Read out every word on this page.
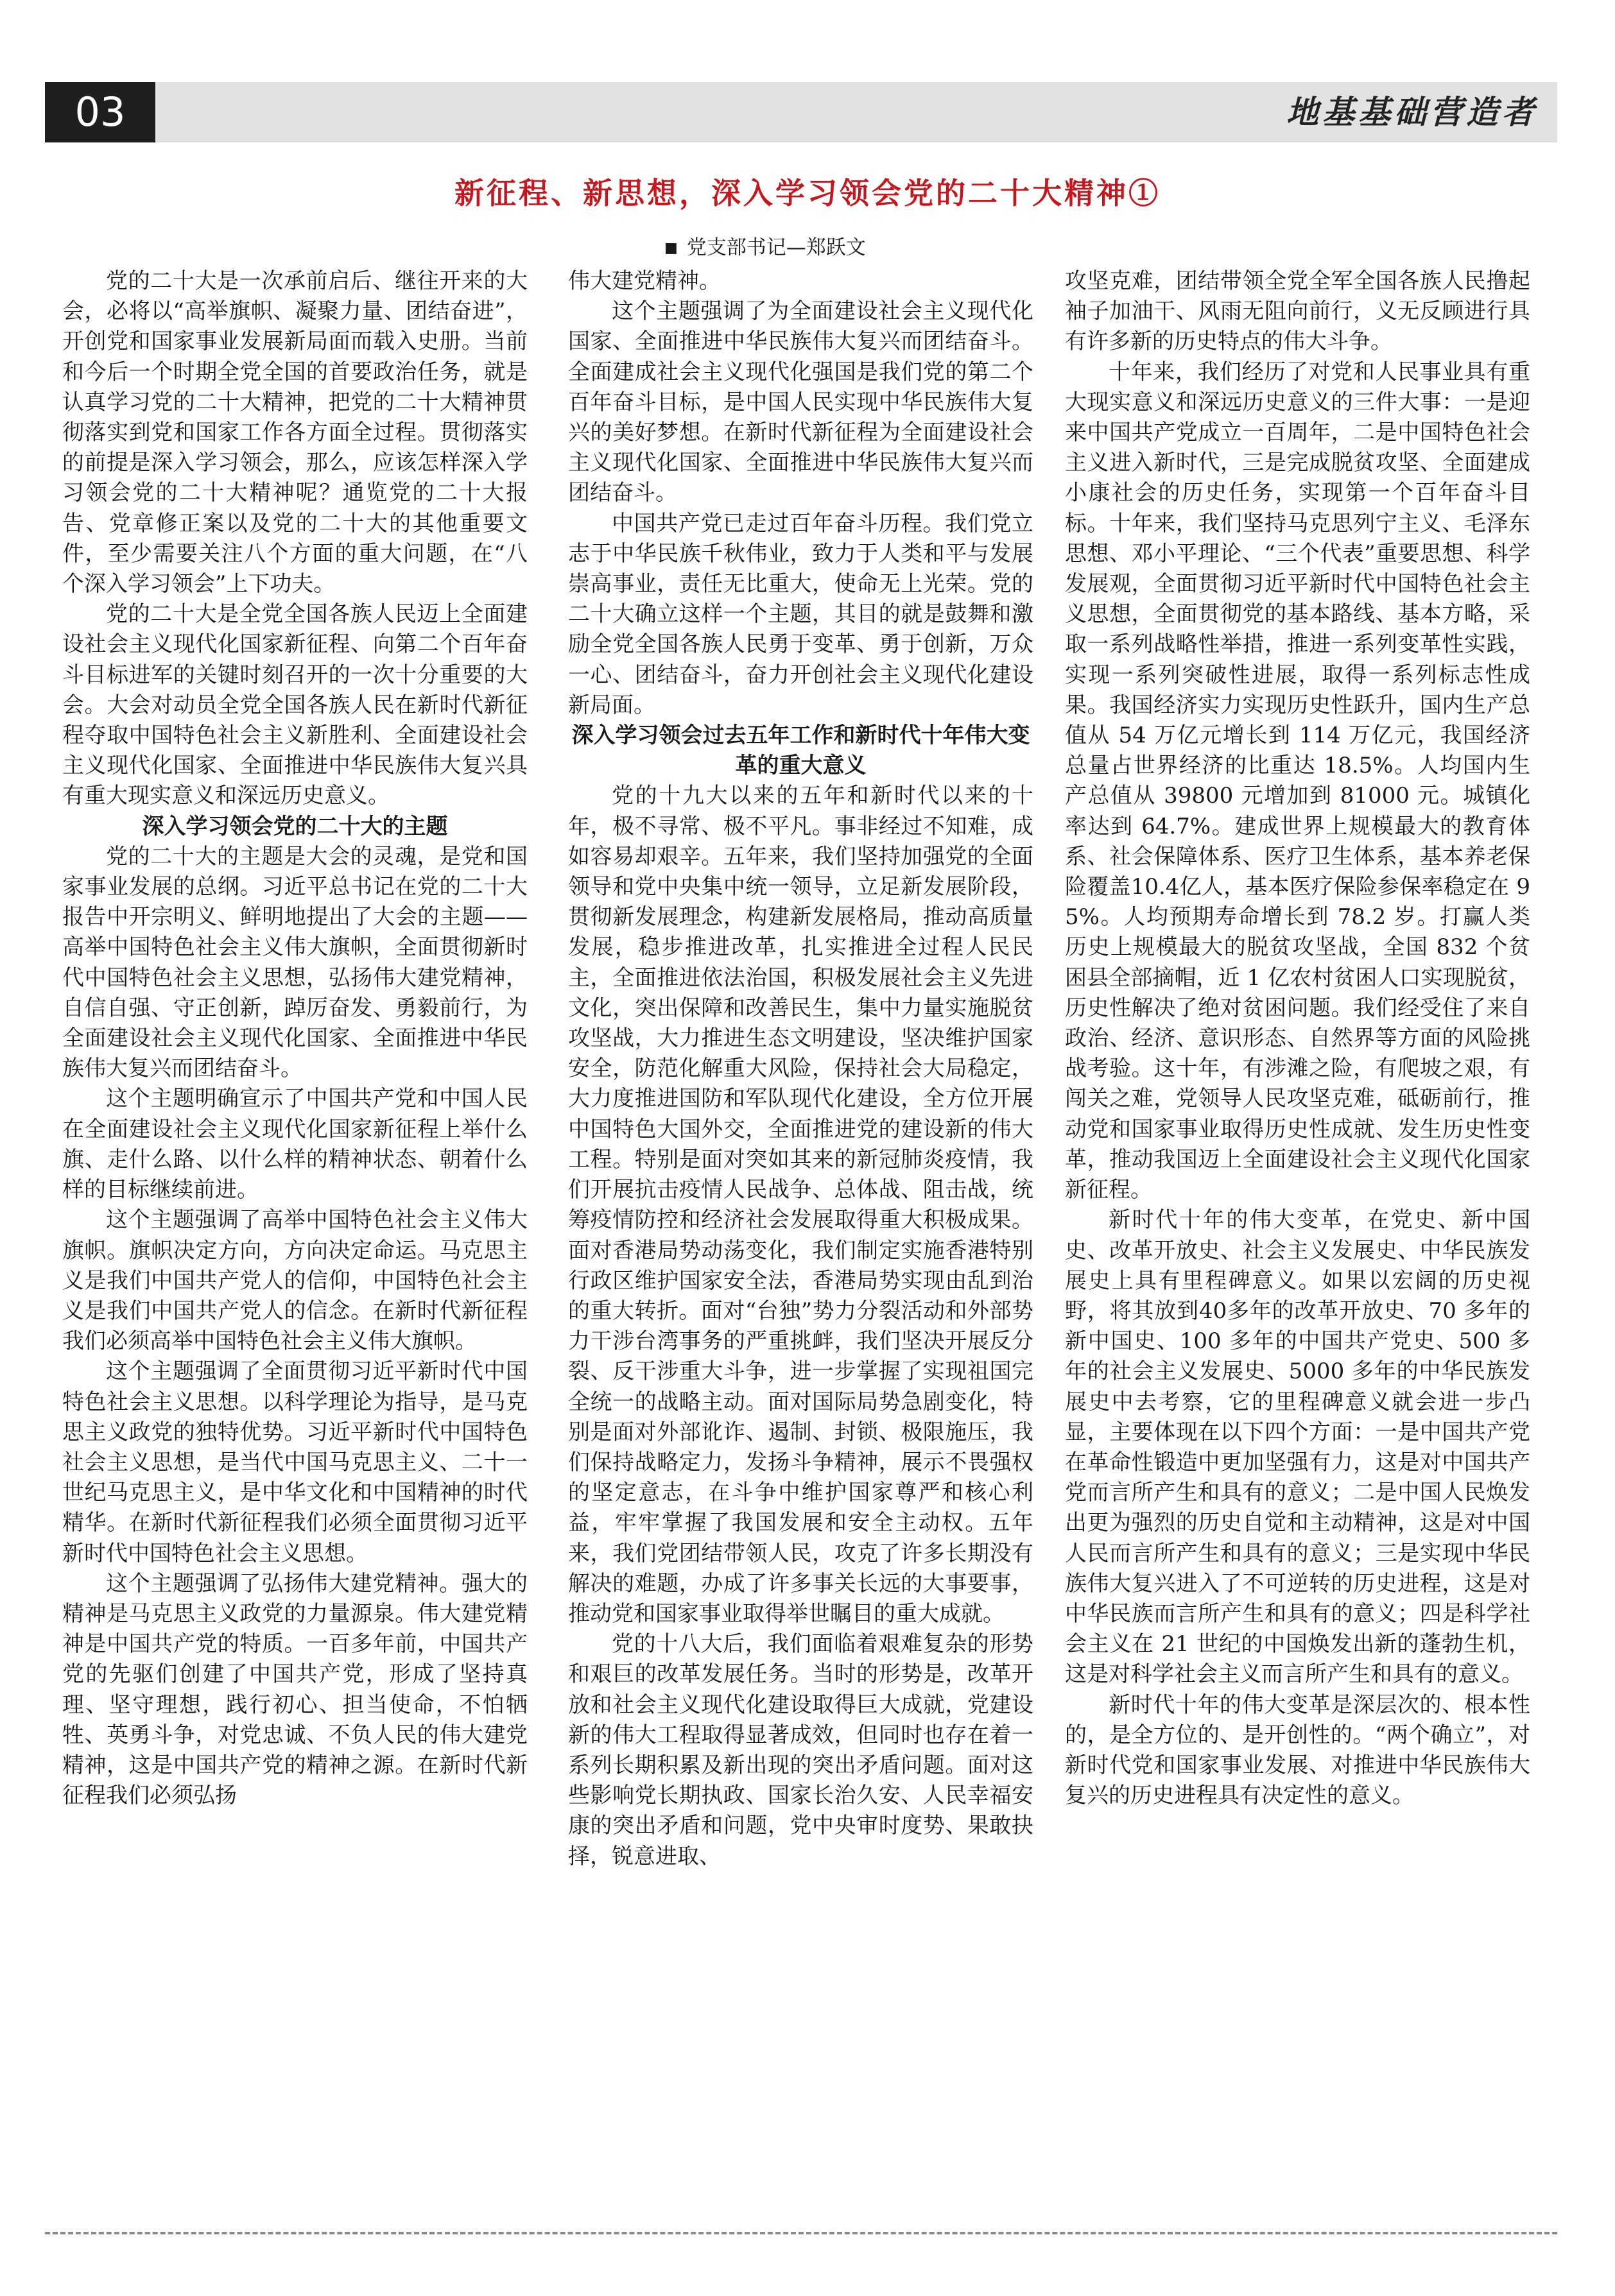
03	地基基础营造者
新征程、新思想，深入学习领会党的二十大精神①
■ 党支部书记—郑跃文

党的二十大是一次承前启后、继往开来的大会，必将以“高举旗帜、凝聚力量、团结奋进”，开创党和国家事业发展新局面而载入史册。当前和今后一个时期全党全国的首要政治任务，就是认真学习党的二十大精神，把党的二十大精神贯彻落实到党和国家工作各方面全过程。贯彻落实的前提是深入学习领会，那么，应该怎样深入学习领会党的二十大精神呢？通览党的二十大报告、党章修正案以及党的二十大的其他重要文件，至少需要关注八个方面的重大问题，在“八个深入学习领会”上下功夫。

党的二十大是全党全国各族人民迈上全面建设社会主义现代化国家新征程、向第二个百年奋斗目标进军的关键时刻召开的一次十分重要的大会。大会对动员全党全国各族人民在新时代新征程夺取中国特色社会主义新胜利、全面建设社会主义现代化国家、全面推进中华民族伟大复兴具有重大现实意义和深远历史意义。

深入学习领会党的二十大的主题

党的二十大的主题是大会的灵魂，是党和国家事业发展的总纲。习近平总书记在党的二十大报告中开宗明义、鲜明地提出了大会的主题——高举中国特色社会主义伟大旗帜，全面贯彻新时代中国特色社会主义思想，弘扬伟大建党精神，自信自强、守正创新，踔厉奋发、勇毅前行，为全面建设社会主义现代化国家、全面推进中华民族伟大复兴而团结奋斗。

这个主题明确宣示了中国共产党和中国人民在全面建设社会主义现代化国家新征程上举什么旗、走什么路、以什么样的精神状态、朝着什么样的目标继续前进。

这个主题强调了高举中国特色社会主义伟大旗帜。旗帜决定方向，方向决定命运。马克思主义是我们中国共产党人的信仰，中国特色社会主义是我们中国共产党人的信念。在新时代新征程我们必须高举中国特色社会主义伟大旗帜。

这个主题强调了全面贯彻习近平新时代中国特色社会主义思想。以科学理论为指导，是马克思主义政党的独特优势。习近平新时代中国特色社会主义思想，是当代中国马克思主义、二十一世纪马克思主义，是中华文化和中国精神的时代精华。在新时代新征程我们必须全面贯彻习近平新时代中国特色社会主义思想。

这个主题强调了弘扬伟大建党精神。强大的精神是马克思主义政党的力量源泉。伟大建党精神是中国共产党的特质。一百多年前，中国共产党的先驱们创建了中国共产党，形成了坚持真理、坚守理想，践行初心、担当使命，不怕牺牲、英勇斗争，对党忠诚、不负人民的伟大建党精神，这是中国共产党的精神之源。在新时代新征程我们必须弘扬

伟大建党精神。

这个主题强调了为全面建设社会主义现代化国家、全面推进中华民族伟大复兴而团结奋斗。全面建成社会主义现代化强国是我们党的第二个百年奋斗目标，是中国人民实现中华民族伟大复兴的美好梦想。在新时代新征程为全面建设社会主义现代化国家、全面推进中华民族伟大复兴而团结奋斗。

中国共产党已走过百年奋斗历程。我们党立志于中华民族千秋伟业，致力于人类和平与发展崇高事业，责任无比重大，使命无上光荣。党的二十大确立这样一个主题，其目的就是鼓舞和激励全党全国各族人民勇于变革、勇于创新，万众一心、团结奋斗，奋力开创社会主义现代化建设新局面。

深入学习领会过去五年工作和新时代十年伟大变革的重大意义

党的十九大以来的五年和新时代以来的十年，极不寻常、极不平凡。事非经过不知难，成如容易却艰辛。五年来，我们坚持加强党的全面领导和党中央集中统一领导，立足新发展阶段，贯彻新发展理念，构建新发展格局，推动高质量发展，稳步推进改革，扎实推进全过程人民民主，全面推进依法治国，积极发展社会主义先进文化，突出保障和改善民生，集中力量实施脱贫攻坚战，大力推进生态文明建设，坚决维护国家安全，防范化解重大风险，保持社会大局稳定，大力度推进国防和军队现代化建设，全方位开展中国特色大国外交，全面推进党的建设新的伟大工程。特别是面对突如其来的新冠肺炎疫情，我们开展抗击疫情人民战争、总体战、阻击战，统筹疫情防控和经济社会发展取得重大积极成果。面对香港局势动荡变化，我们制定实施香港特别行政区维护国家安全法，香港局势实现由乱到治的重大转折。面对“台独”势力分裂活动和外部势力干涉台湾事务的严重挑衅，我们坚决开展反分裂、反干涉重大斗争，进一步掌握了实现祖国完全统一的战略主动。面对国际局势急剧变化，特别是面对外部讹诈、遏制、封锁、极限施压，我们保持战略定力，发扬斗争精神，展示不畏强权的坚定意志，在斗争中维护国家尊严和核心利益，牢牢掌握了我国发展和安全主动权。五年来，我们党团结带领人民，攻克了许多长期没有解决的难题，办成了许多事关长远的大事要事，推动党和国家事业取得举世瞩目的重大成就。

党的十八大后，我们面临着艰难复杂的形势和艰巨的改革发展任务。当时的形势是，改革开放和社会主义现代化建设取得巨大成就，党建设新的伟大工程取得显著成效，但同时也存在着一系列长期积累及新出现的突出矛盾问题。面对这些影响党长期执政、国家长治久安、人民幸福安康的突出矛盾和问题，党中央审时度势、果敢抉择，锐意进取、

攻坚克难，团结带领全党全军全国各族人民撸起袖子加油干、风雨无阻向前行，义无反顾进行具有许多新的历史特点的伟大斗争。

十年来，我们经历了对党和人民事业具有重大现实意义和深远历史意义的三件大事：一是迎来中国共产党成立一百周年，二是中国特色社会主义进入新时代，三是完成脱贫攻坚、全面建成小康社会的历史任务，实现第一个百年奋斗目标。十年来，我们坚持马克思列宁主义、毛泽东思想、邓小平理论、“三个代表”重要思想、科学发展观，全面贯彻习近平新时代中国特色社会主义思想，全面贯彻党的基本路线、基本方略，采取一系列战略性举措，推进一系列变革性实践，实现一系列突破性进展，取得一系列标志性成果。我国经济实力实现历史性跃升，国内生产总值从 54 万亿元增长到 114 万亿元，我国经济总量占世界经济的比重达 18.5%。人均国内生产总值从 39800 元增加到 81000 元。城镇化率达到 64.7%。建成世界上规模最大的教育体系、社会保障体系、医疗卫生体系，基本养老保险覆盖10.4亿人，基本医疗保险参保率稳定在 95%。人均预期寿命增长到 78.2 岁。打赢人类历史上规模最大的脱贫攻坚战，全国 832 个贫困县全部摘帽，近 1 亿农村贫困人口实现脱贫，历史性解决了绝对贫困问题。我们经受住了来自政治、经济、意识形态、自然界等方面的风险挑战考验。这十年，有涉滩之险，有爬坡之艰，有闯关之难，党领导人民攻坚克难，砥砺前行，推动党和国家事业取得历史性成就、发生历史性变革，推动我国迈上全面建设社会主义现代化国家新征程。

新时代十年的伟大变革，在党史、新中国史、改革开放史、社会主义发展史、中华民族发展史上具有里程碑意义。如果以宏阔的历史视野，将其放到40多年的改革开放史、70 多年的新中国史、100 多年的中国共产党史、500 多年的社会主义发展史、5000 多年的中华民族发展史中去考察，它的里程碑意义就会进一步凸显，主要体现在以下四个方面：一是中国共产党在革命性锻造中更加坚强有力，这是对中国共产党而言所产生和具有的意义；二是中国人民焕发出更为强烈的历史自觉和主动精神，这是对中国人民而言所产生和具有的意义；三是实现中华民族伟大复兴进入了不可逆转的历史进程，这是对中华民族而言所产生和具有的意义；四是科学社会主义在 21 世纪的中国焕发出新的蓬勃生机，这是对科学社会主义而言所产生和具有的意义。

新时代十年的伟大变革是深层次的、根本性的，是全方位的、是开创性的。“两个确立”，对新时代党和国家事业发展、对推进中华民族伟大复兴的历史进程具有决定性的意义。
